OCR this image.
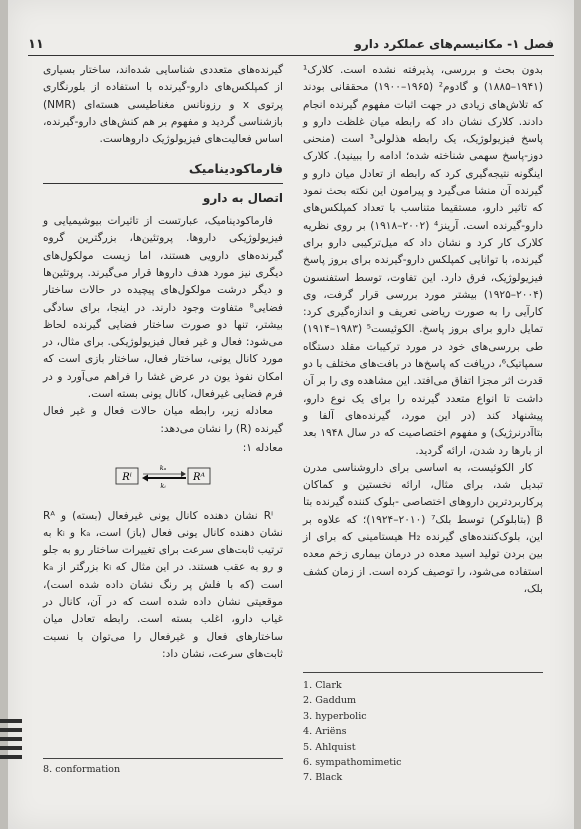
۱۱	فصل ۱- مکانیسم‌های عملکرد دارو

بدون بحث و بررسی، پذیرفته نشده است. کلارک¹ (۱۹۴۱–۱۸۸۵) و گادوم² (۱۹۶۵–۱۹۰۰) محققانی بودند که تلاش‌های زیادی در جهت اثبات مفهوم گیرنده انجام دادند. کلارک نشان داد که رابطه میان غلظت دارو و پاسخ فیزیولوژیک، یک رابطه هذلولی³ است (منحنی دوز-پاسخ سهمی شناخته شده؛ ادامه را ببینید). کلارک اینگونه نتیجه‌گیری کرد که رابطه از تعادل میان دارو و گیرنده آن منشا می‌گیرد و پیرامون این نکته بحث نمود که تاثیر دارو، مستقیما متناسب با تعداد کمپلکس‌های دارو-گیرنده است. آرینز⁴ (۲۰۰۲–۱۹۱۸) بر روی نظریه کلارک کار کرد و نشان داد که میل‌ترکیبی دارو برای گیرنده، با توانایی کمپلکس دارو-گیرنده برای بروز پاسخ فیزیولوژیک، فرق دارد. این تفاوت، توسط استفنسون (۲۰۰۴–۱۹۲۵) بیشتر مورد بررسی قرار گرفت، وی کارآیی را به صورت ریاضی تعریف و اندازه‌گیری کرد: تمایل دارو برای بروز پاسخ. الکوئیست⁵ (۱۹۸۳–۱۹۱۴) طی بررسی‌های خود در مورد ترکیبات مقلد دستگاه سمپاتیک⁶، دریافت که پاسخ‌ها در بافت‌های مختلف با دو قدرت اثر مجزا اتفاق می‌افتد. این مشاهده وی را بر آن داشت تا انواع متعدد گیرنده را برای یک نوع دارو، پیشنهاد کند (در این مورد، گیرنده‌های آلفا و بتاآدرنرژیک) و مفهوم اختصاصیت که در سال ۱۹۴۸ بعد از بارها رد شدن، ارائه گردید.

کار الکوئیست، به اساسی برای داروشناسی مدرن تبدیل شد، برای مثال، ارائه نخستین و کماکان پرکاربردترین داروهای اختصاصی -بلوک کننده گیرنده بتا β (بتابلوکر) توسط بلک⁷ (۲۰۱۰–۱۹۲۴)؛ که علاوه بر این، بلوک‌کننده‌های گیرنده H₂ هیستامینی که برای از بین بردن تولید اسید معده در درمان بیماری زخم معده استفاده می‌شود، را توصیف کرده است. از زمان کشف بلک،

گیرنده‌های متعددی شناسایی شده‌اند، ساختار بسیاری از کمپلکس‌های دارو-گیرنده با استفاده از بلورنگاری پرتوی x و رزونانس مغناطیسی هسته‌ای (NMR) بازشناسی گردید و مفهوم بر هم کنش‌های دارو-گیرنده، اساس فعالیت‌های فیزیولوژیک داروهاست.

فارماکودینامیک
اتصال به دارو

فارماکودینامیک، عبارتست از تاثیرات بیوشیمیایی و فیزیولوژیکی داروها. پروتئین‌ها، بزرگترین گروه گیرنده‌های دارویی هستند، اما زیست مولکول‌های دیگری نیز مورد هدف داروها قرار می‌گیرند. پروتئین‌ها و دیگر درشت مولکول‌های پیچیده در حالات ساختار فضایی⁸ متفاوت وجود دارند. در اینجا، برای سادگی بیشتر، تنها دو صورت ساختار فضایی گیرنده لحاظ می‌شود: فعال و غیر فعال فیزیولوژیکی. برای مثال، در مورد کانال یونی، ساختار فعال، ساختار بازی است که امکان نفوذ یون در عرض غشا را فراهم می‌آورد و در فرم فضایی غیرفعال، کانال یونی بسته است.

معادله زیر، رابطه میان حالات فعال و غیر فعال گیرنده (R) را نشان می‌دهد:

معادله ۱:
Rⁱ
kₐ
kᵢ
Rᴬ

Rⁱ نشان دهنده کانال یونی غیرفعال (بسته) و Rᴬ نشان دهنده کانال یونی فعال (باز) است، kₐ و kᵢ به ترتیب ثابت‌های سرعت برای تغییرات ساختار رو به جلو و رو به عقب هستند. در این مثال که kᵢ بزرگتر از kₐ است (که با فلش پر رنگ نشان داده شده است)، موقعیتی نشان داده شده است که در آن، کانال در غیاب دارو، اغلب بسته است. رابطه تعادل میان ساختارهای فعال و غیرفعال را می‌توان با نسبت ثابت‌های سرعت، نشان داد:

1. Clark
2. Gaddum
3. hyperbolic
4. Ariëns
5. Ahlquist
6. sympathomimetic
7. Black
8. conformation
